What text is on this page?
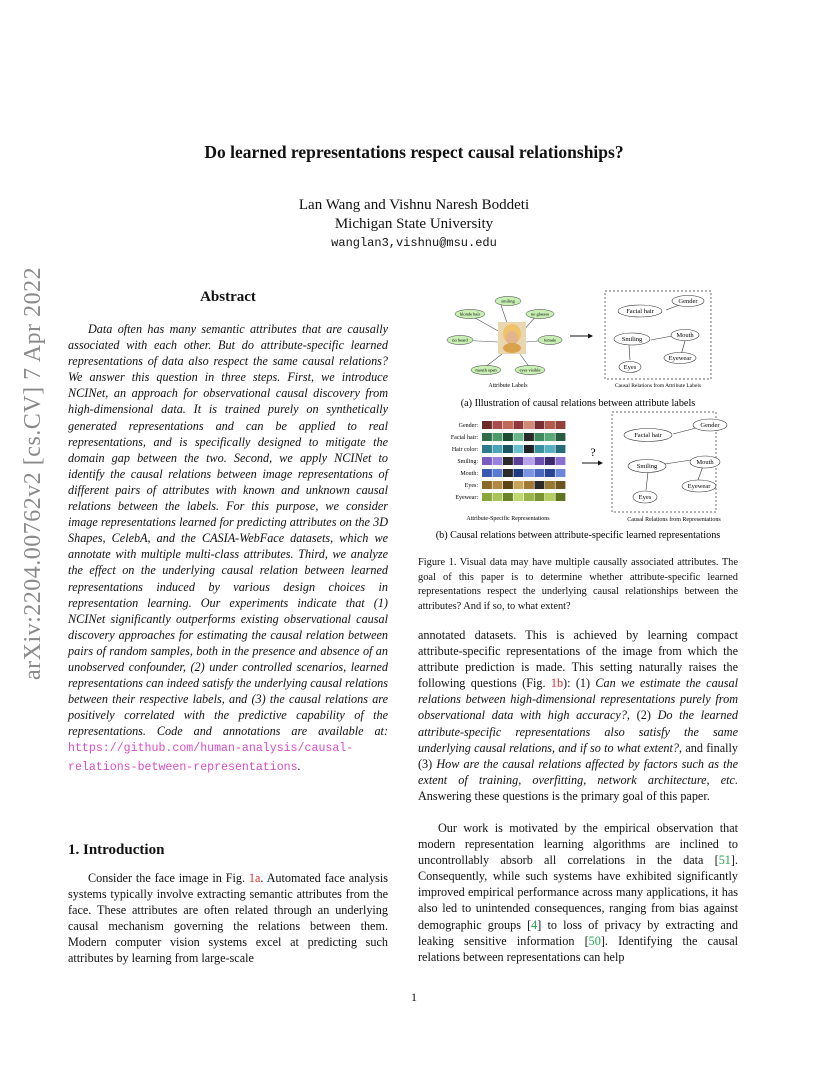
arXiv:2204.00762v2 [cs.CV] 7 Apr 2022
Do learned representations respect causal relationships?
Lan Wang and Vishnu Naresh Boddeti
Michigan State University
wanglan3,vishnu@msu.edu
Abstract
Data often has many semantic attributes that are causally associated with each other. But do attribute-specific learned representations of data also respect the same causal relations? We answer this question in three steps. First, we introduce NCINet, an approach for observational causal discovery from high-dimensional data. It is trained purely on synthetically generated representations and can be applied to real representations, and is specifically designed to mitigate the domain gap between the two. Second, we apply NCINet to identify the causal relations between image representations of different pairs of attributes with known and unknown causal relations between the labels. For this purpose, we consider image representations learned for predicting attributes on the 3D Shapes, CelebA, and the CASIA-WebFace datasets, which we annotate with multiple multi-class attributes. Third, we analyze the effect on the underlying causal relation between learned representations induced by various design choices in representation learning. Our experiments indicate that (1) NCINet significantly outperforms existing observational causal discovery approaches for estimating the causal relation between pairs of random samples, both in the presence and absence of an unobserved confounder, (2) under controlled scenarios, learned representations can indeed satisfy the underlying causal relations between their respective labels, and (3) the causal relations are positively correlated with the predictive capability of the representations. Code and annotations are available at: https://github.com/human-analysis/causal-relations-between-representations.
1. Introduction
Consider the face image in Fig. 1a. Automated face analysis systems typically involve extracting semantic attributes from the face. These attributes are often related through an underlying causal mechanism governing the relations between them. Modern computer vision systems excel at predicting such attributes by learning from large-scale
smiling
blonde hair	no glasses
no beard	female
mouth open	eyes visible
Attribute Labels
Gender
Facial hair
Smiling
Mouth
Eyewear
Eyes
Causal Relations from Attribute Labels
(a) Illustration of causal relations between attribute labels
Gender:
Facial hair:
Hair color:
Smiling:
Mouth:
Eyes:
Eyewear:
Attribute-Specific Representations
?
Gender
Facial hair
Smiling
Mouth
Eyewear
Eyes
Causal Relations from Representations
(b) Causal relations between attribute-specific learned representations
Figure 1. Visual data may have multiple causally associated attributes. The goal of this paper is to determine whether attribute-specific learned representations respect the underlying causal relationships between the attributes? And if so, to what extent?
annotated datasets. This is achieved by learning compact attribute-specific representations of the image from which the attribute prediction is made. This setting naturally raises the following questions (Fig. 1b): (1) Can we estimate the causal relations between high-dimensional representations purely from observational data with high accuracy?, (2) Do the learned attribute-specific representations also satisfy the same underlying causal relations, and if so to what extent?, and finally (3) How are the causal relations affected by factors such as the extent of training, overfitting, network architecture, etc. Answering these questions is the primary goal of this paper.
Our work is motivated by the empirical observation that modern representation learning algorithms are inclined to uncontrollably absorb all correlations in the data [51]. Consequently, while such systems have exhibited significantly improved empirical performance across many applications, it has also led to unintended consequences, ranging from bias against demographic groups [4] to loss of privacy by extracting and leaking sensitive information [50]. Identifying the causal relations between representations can help
1
